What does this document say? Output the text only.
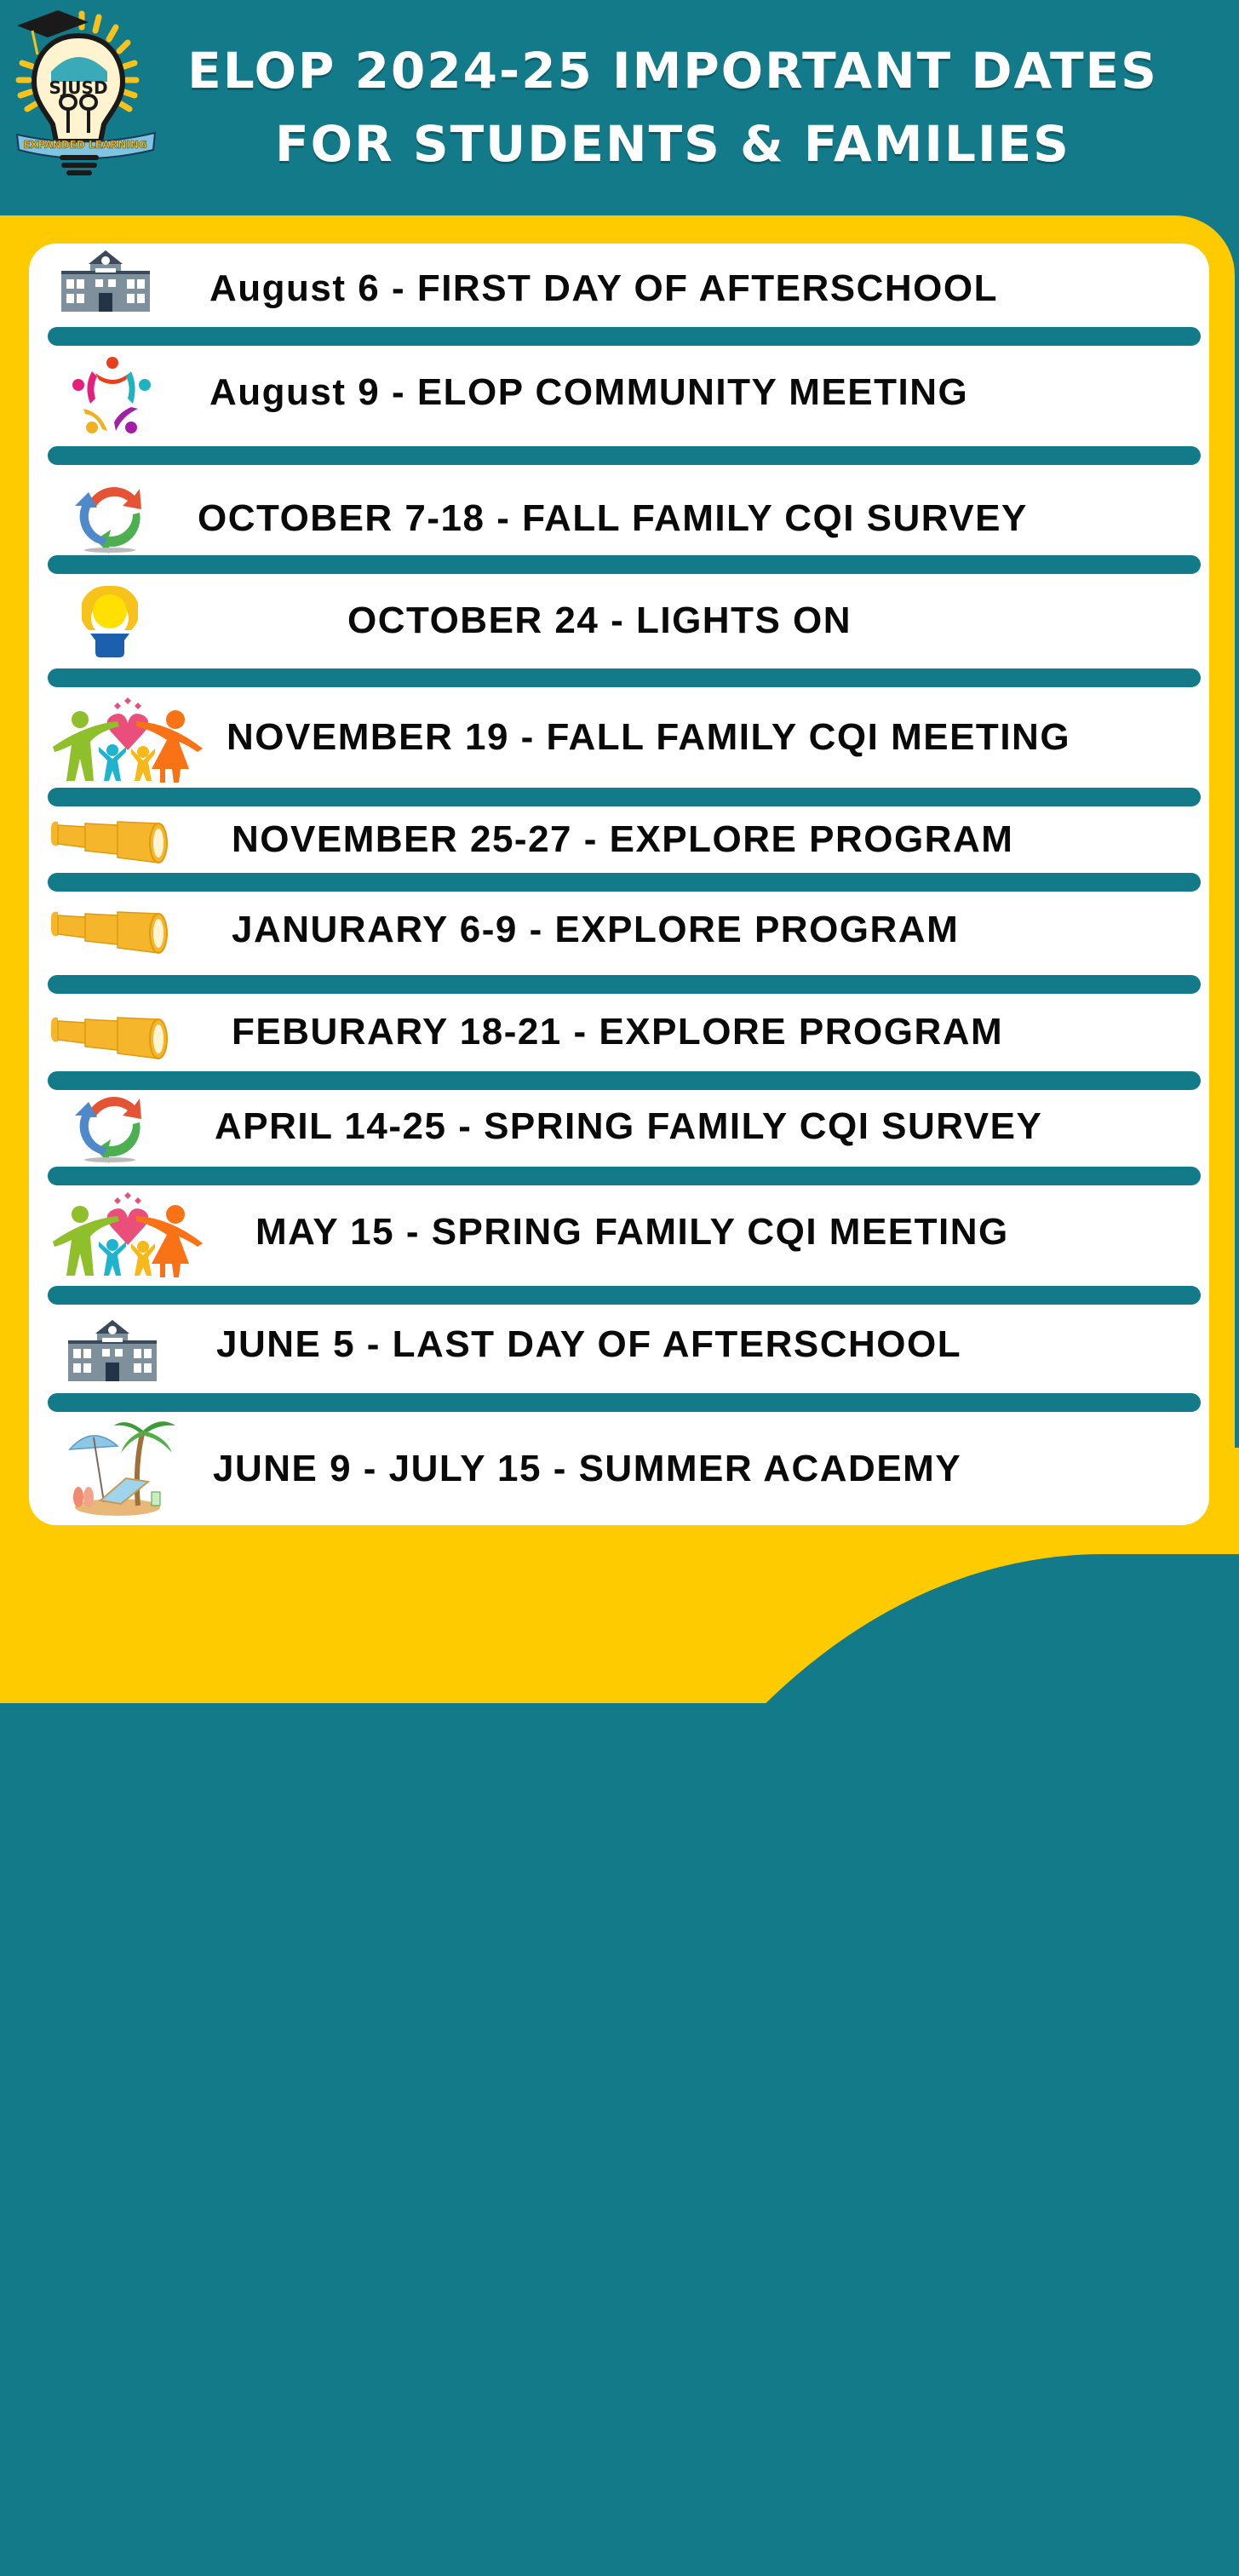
SJUSD
EXPANDED LEARNING
ELOP 2024-25 IMPORTANT DATES
FOR STUDENTS & FAMILIES
August 6 - FIRST DAY OF AFTERSCHOOL
August 9 - ELOP COMMUNITY MEETING
OCTOBER 7-18 - FALL FAMILY CQI SURVEY
OCTOBER 24 - LIGHTS ON
NOVEMBER 19 - FALL FAMILY CQI MEETING
NOVEMBER 25-27 - EXPLORE PROGRAM
JANURARY 6-9 - EXPLORE PROGRAM
FEBURARY 18-21 - EXPLORE PROGRAM
APRIL 14-25 - SPRING FAMILY CQI SURVEY
MAY 15 - SPRING FAMILY CQI MEETING
JUNE 5 - LAST DAY OF AFTERSCHOOL
JUNE 9 - JULY 15 - SUMMER ACADEMY
